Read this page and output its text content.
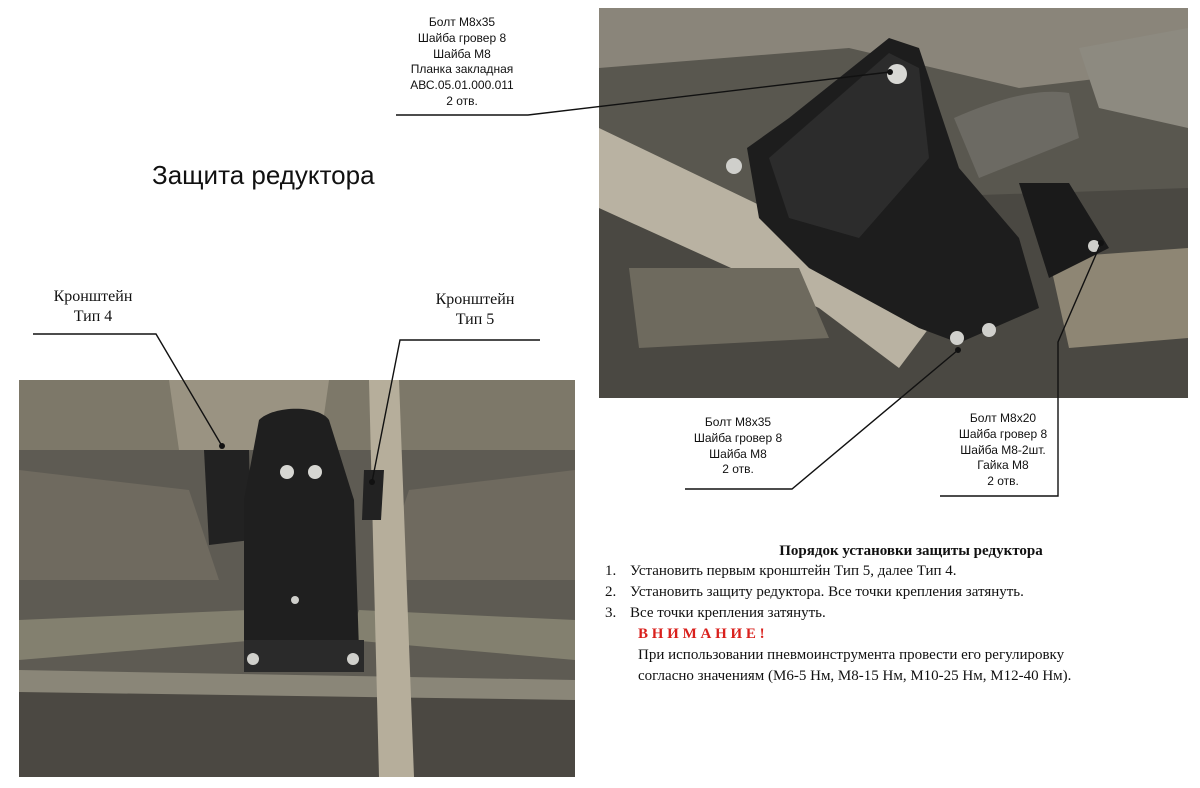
Болт М8х35
Шайба гровер 8
Шайба М8
Планка закладная
АВС.05.01.000.011
2 отв.
Защита редуктора
Кронштейн
Тип 4
Кронштейн
Тип 5
Болт М8х35
Шайба гровер 8
Шайба М8
2 отв.
Болт М8х20
Шайба гровер 8
Шайба М8-2шт.
Гайка М8
2 отв.
Порядок установки защиты редуктора
1. Установить первым кронштейн Тип 5, далее Тип 4.
2. Установить защиту редуктора. Все точки крепления затянуть.
3. Все точки крепления затянуть.
В Н И М А Н И Е !
При использовании пневмоинструмента провести его регулировку
согласно значениям (М6-5 Нм, М8-15 Нм, М10-25 Нм, М12-40 Нм).
